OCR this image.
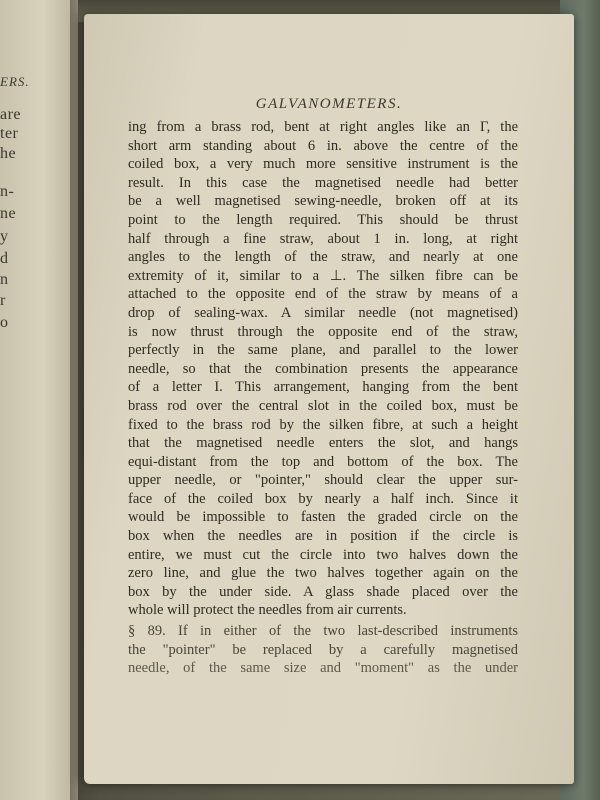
ERS.
are
ter
he
n-
ne
y
d
n
r
o
GALVANOMETERS.
ing from a brass rod, bent at right angles like an Γ, the
short arm standing about 6 in. above the centre of the
coiled box, a very much more sensitive instrument is the
result. In this case the magnetised needle had better
be a well magnetised sewing-needle, broken off at its
point to the length required. This should be thrust
half through a fine straw, about 1 in. long, at right
angles to the length of the straw, and nearly at one
extremity of it, similar to a ⊥. The silken fibre can be
attached to the opposite end of the straw by means of a
drop of sealing-wax. A similar needle (not magnetised)
is now thrust through the opposite end of the straw,
perfectly in the same plane, and parallel to the lower
needle, so that the combination presents the appearance
of a letter I. This arrangement, hanging from the bent
brass rod over the central slot in the coiled box, must be
fixed to the brass rod by the silken fibre, at such a height
that the magnetised needle enters the slot, and hangs
equi-distant from the top and bottom of the box. The
upper needle, or "pointer," should clear the upper sur-
face of the coiled box by nearly a half inch. Since it
would be impossible to fasten the graded circle on the
box when the needles are in position if the circle is
entire, we must cut the circle into two halves down the
zero line, and glue the two halves together again on the
box by the under side. A glass shade placed over the
whole will protect the needles from air currents.
§ 89. If in either of the two last-described instruments
the "pointer" be replaced by a carefully magnetised
needle, of the same size and "moment" as the under
